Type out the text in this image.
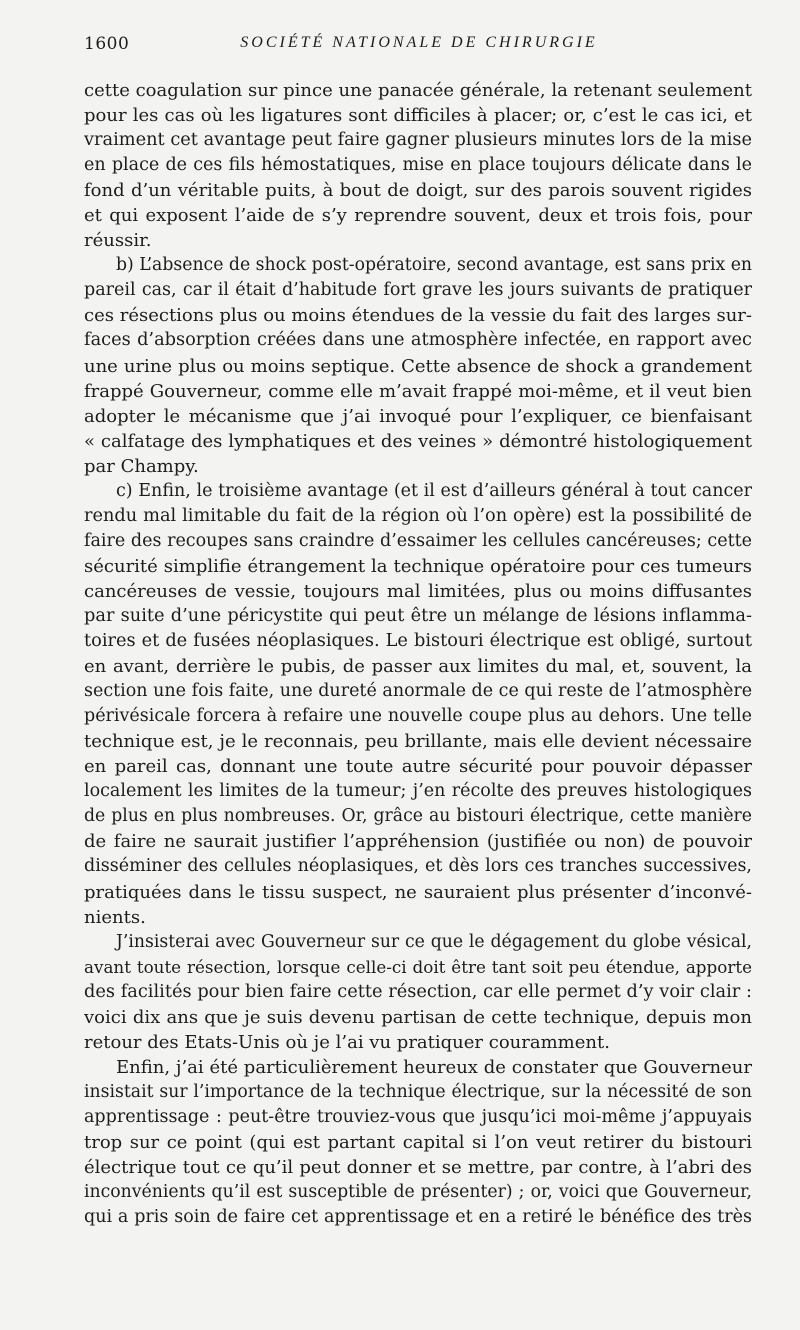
1600	SOCIÉTÉ NATIONALE DE CHIRURGIE
cette coagulation sur pince une panacée générale, la retenant seulement
pour les cas où les ligatures sont difficiles à placer; or, c’est le cas ici, et
vraiment cet avantage peut faire gagner plusieurs minutes lors de la mise
en place de ces fils hémostatiques, mise en place toujours délicate dans le
fond d’un véritable puits, à bout de doigt, sur des parois souvent rigides
et qui exposent l’aide de s’y reprendre souvent, deux et trois fois, pour
réussir.
b) L’absence de shock post-opératoire, second avantage, est sans prix en
pareil cas, car il était d’habitude fort grave les jours suivants de pratiquer
ces résections plus ou moins étendues de la vessie du fait des larges sur-
faces d’absorption créées dans une atmosphère infectée, en rapport avec
une urine plus ou moins septique. Cette absence de shock a grandement
frappé Gouverneur, comme elle m’avait frappé moi-même, et il veut bien
adopter le mécanisme que j’ai invoqué pour l’expliquer, ce bienfaisant
« calfatage des lymphatiques et des veines » démontré histologiquement
par Champy.
c) Enfin, le troisième avantage (et il est d’ailleurs général à tout cancer
rendu mal limitable du fait de la région où l’on opère) est la possibilité de
faire des recoupes sans craindre d’essaimer les cellules cancéreuses; cette
sécurité simplifie étrangement la technique opératoire pour ces tumeurs
cancéreuses de vessie, toujours mal limitées, plus ou moins diffusantes
par suite d’une péricystite qui peut être un mélange de lésions inflamma-
toires et de fusées néoplasiques. Le bistouri électrique est obligé, surtout
en avant, derrière le pubis, de passer aux limites du mal, et, souvent, la
section une fois faite, une dureté anormale de ce qui reste de l’atmosphère
périvésicale forcera à refaire une nouvelle coupe plus au dehors. Une telle
technique est, je le reconnais, peu brillante, mais elle devient nécessaire
en pareil cas, donnant une toute autre sécurité pour pouvoir dépasser
localement les limites de la tumeur; j’en récolte des preuves histologiques
de plus en plus nombreuses. Or, grâce au bistouri électrique, cette manière
de faire ne saurait justifier l’appréhension (justifiée ou non) de pouvoir
disséminer des cellules néoplasiques, et dès lors ces tranches successives,
pratiquées dans le tissu suspect, ne sauraient plus présenter d’inconvé-
nients.
J’insisterai avec Gouverneur sur ce que le dégagement du globe vésical,
avant toute résection, lorsque celle-ci doit être tant soit peu étendue, apporte
des facilités pour bien faire cette résection, car elle permet d’y voir clair :
voici dix ans que je suis devenu partisan de cette technique, depuis mon
retour des Etats-Unis où je l’ai vu pratiquer couramment.
Enfin, j’ai été particulièrement heureux de constater que Gouverneur
insistait sur l’importance de la technique électrique, sur la nécessité de son
apprentissage : peut-être trouviez-vous que jusqu’ici moi-même j’appuyais
trop sur ce point (qui est partant capital si l’on veut retirer du bistouri
électrique tout ce qu’il peut donner et se mettre, par contre, à l’abri des
inconvénients qu’il est susceptible de présenter) ; or, voici que Gouverneur,
qui a pris soin de faire cet apprentissage et en a retiré le bénéfice des très
